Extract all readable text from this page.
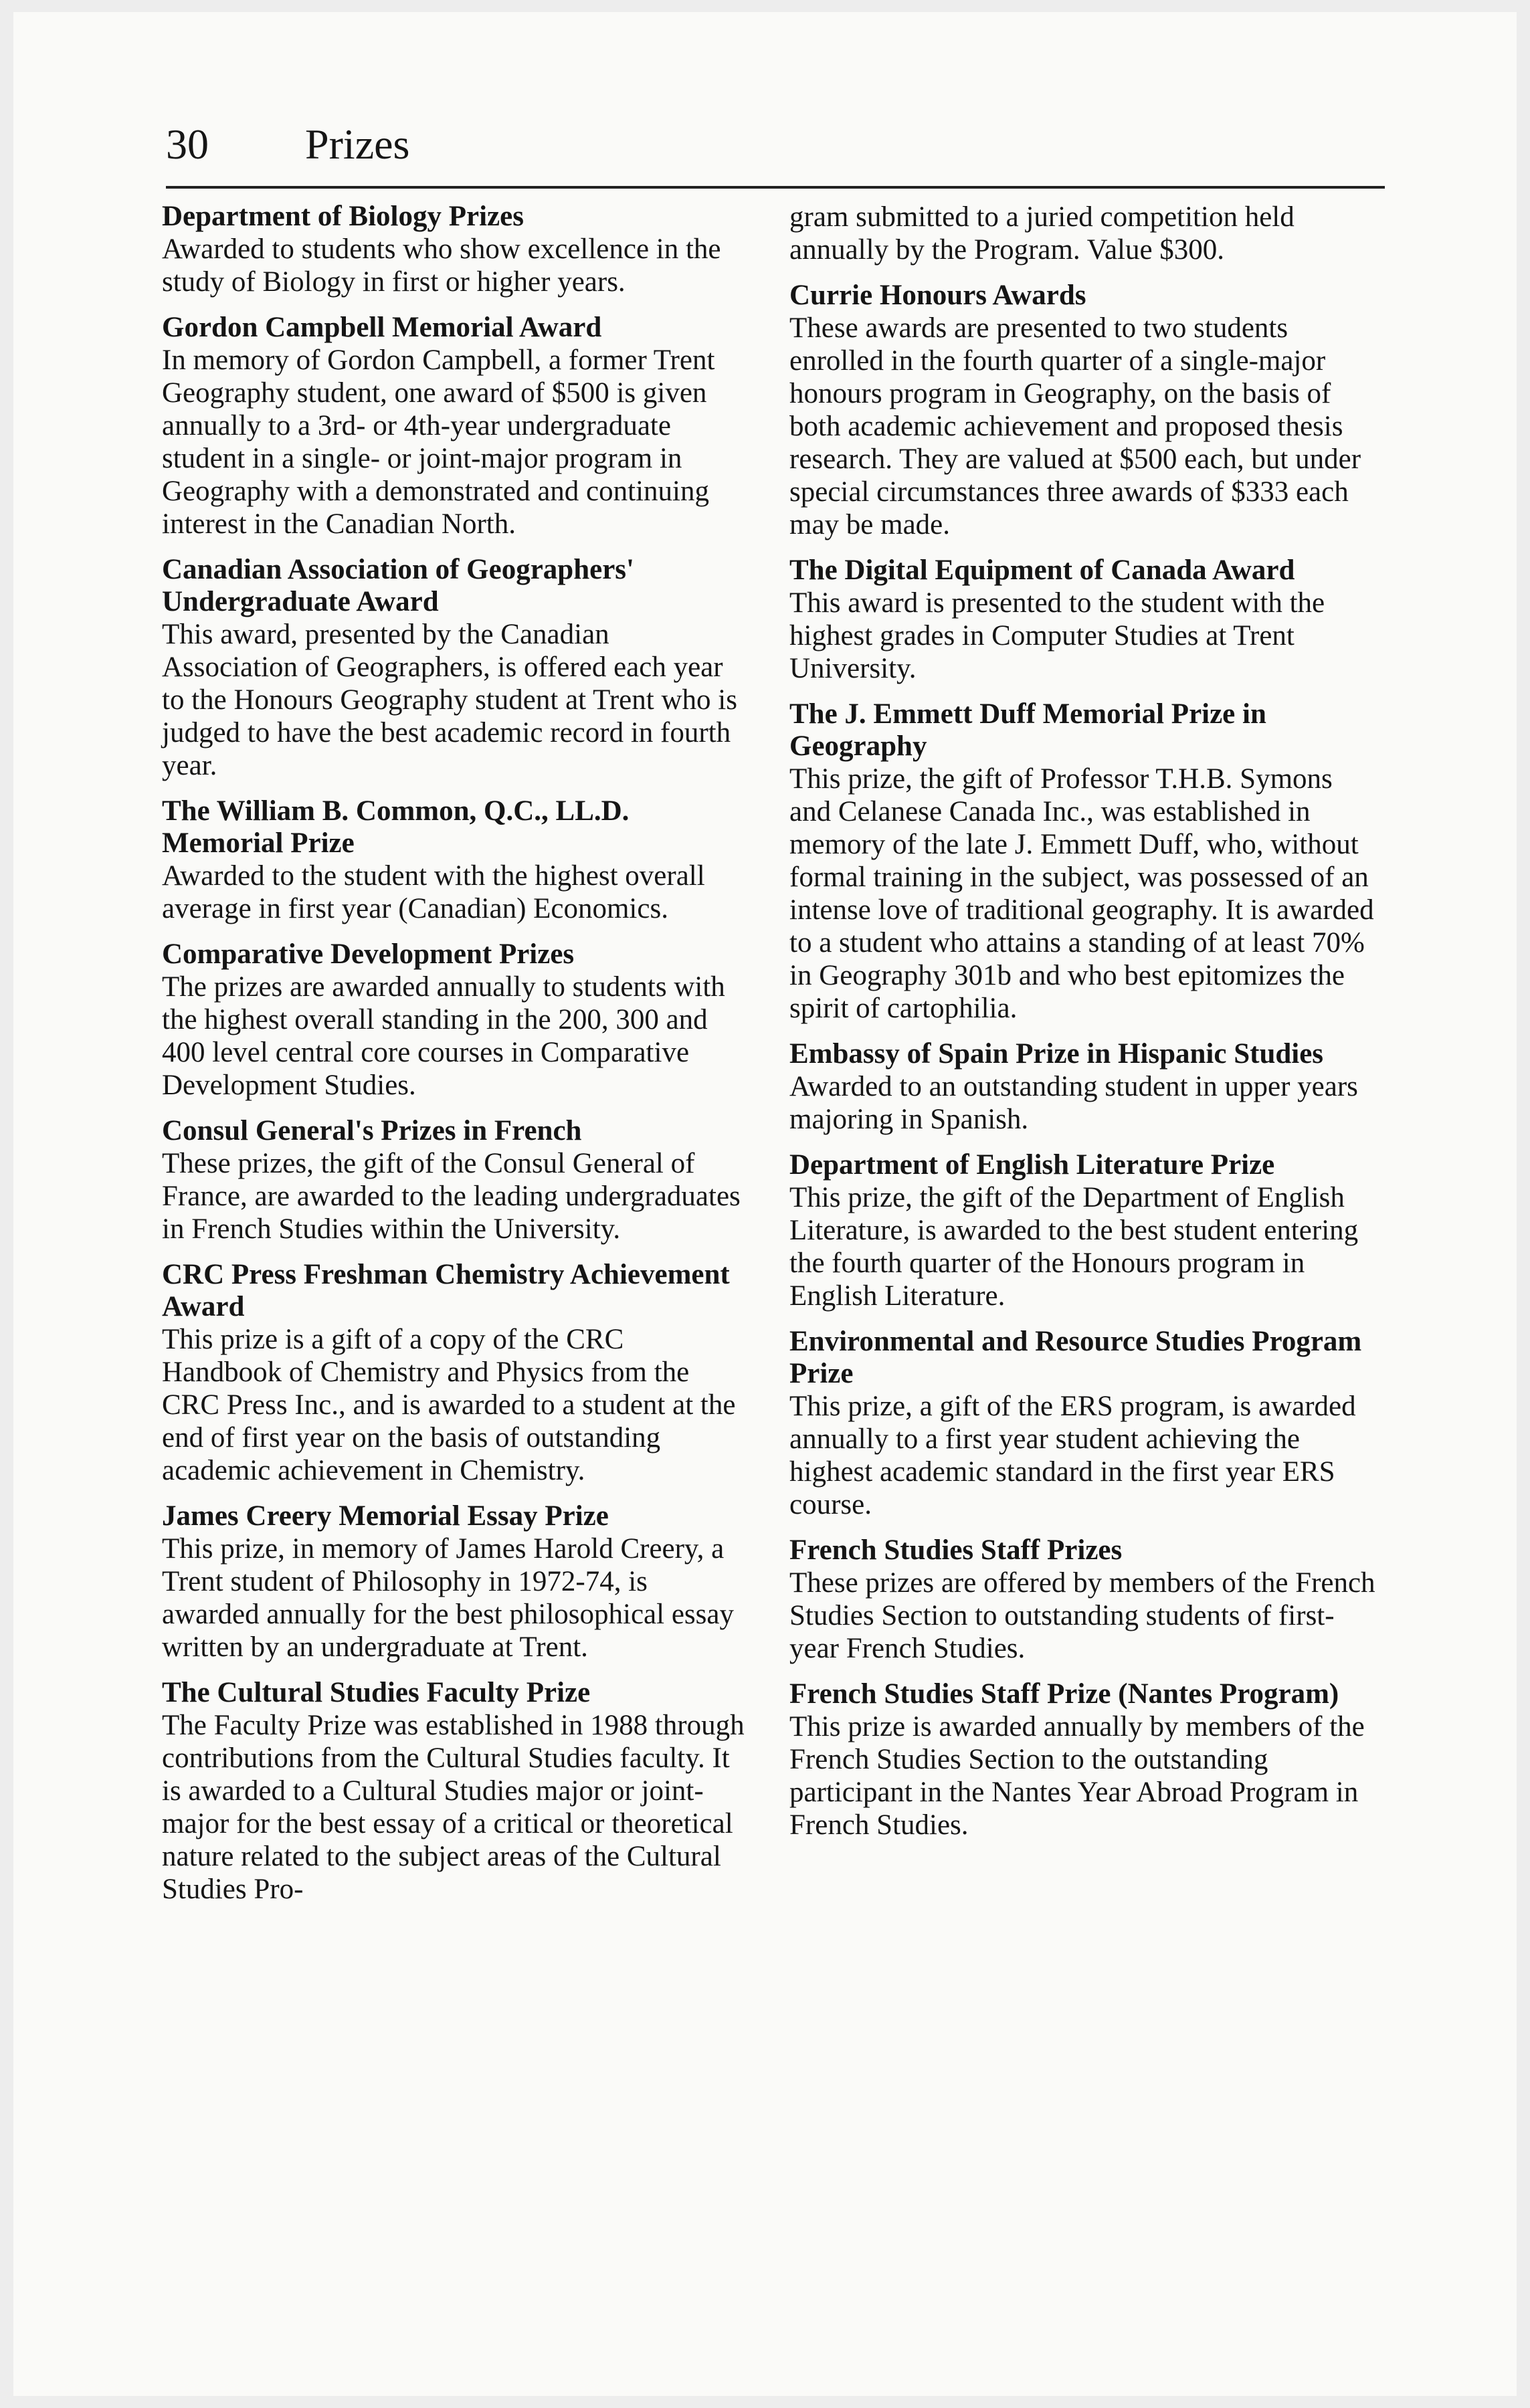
30 Prizes
Department of Biology Prizes

Awarded to students who show excellence in the study of Biology in first or higher years.

Gordon Campbell Memorial Award

In memory of Gordon Campbell, a former Trent Geography student, one award of $500 is given annually to a 3rd- or 4th-year undergraduate student in a single- or joint-major program in Geography with a demonstrated and continuing interest in the Canadian North.

Canadian Association of Geographers' Undergraduate Award

This award, presented by the Canadian Association of Geographers, is offered each year to the Honours Geography student at Trent who is judged to have the best academic record in fourth year.

The William B. Common, Q.C., LL.D. Memorial Prize

Awarded to the student with the highest overall average in first year (Canadian) Economics.

Comparative Development Prizes

The prizes are awarded annually to students with the highest overall standing in the 200, 300 and 400 level central core courses in Comparative Development Studies.

Consul General's Prizes in French

These prizes, the gift of the Consul General of France, are awarded to the leading undergraduates in French Studies within the University.

CRC Press Freshman Chemistry Achievement Award

This prize is a gift of a copy of the CRC Handbook of Chemistry and Physics from the CRC Press Inc., and is awarded to a student at the end of first year on the basis of outstanding academic achievement in Chemistry.

James Creery Memorial Essay Prize

This prize, in memory of James Harold Creery, a Trent student of Philosophy in 1972-74, is awarded annually for the best philosophical essay written by an undergraduate at Trent.

The Cultural Studies Faculty Prize

The Faculty Prize was established in 1988 through contributions from the Cultural Studies faculty. It is awarded to a Cultural Studies major or joint-major for the best essay of a critical or theoretical nature related to the subject areas of the Cultural Studies Pro-

gram submitted to a juried competition held annually by the Program. Value $300.

Currie Honours Awards

These awards are presented to two students enrolled in the fourth quarter of a single-major honours program in Geography, on the basis of both academic achievement and proposed thesis research. They are valued at $500 each, but under special circumstances three awards of $333 each may be made.

The Digital Equipment of Canada Award

This award is presented to the student with the highest grades in Computer Studies at Trent University.

The J. Emmett Duff Memorial Prize in Geography

This prize, the gift of Professor T.H.B. Symons and Celanese Canada Inc., was established in memory of the late J. Emmett Duff, who, without formal training in the subject, was possessed of an intense love of traditional geography. It is awarded to a student who attains a standing of at least 70% in Geography 301b and who best epitomizes the spirit of cartophilia.

Embassy of Spain Prize in Hispanic Studies

Awarded to an outstanding student in upper years majoring in Spanish.

Department of English Literature Prize

This prize, the gift of the Department of English Literature, is awarded to the best student entering the fourth quarter of the Honours program in English Literature.

Environmental and Resource Studies Program Prize

This prize, a gift of the ERS program, is awarded annually to a first year student achieving the highest academic standard in the first year ERS course.

French Studies Staff Prizes

These prizes are offered by members of the French Studies Section to outstanding students of first-year French Studies.

French Studies Staff Prize (Nantes Program)

This prize is awarded annually by members of the French Studies Section to the outstanding participant in the Nantes Year Abroad Program in French Studies.
